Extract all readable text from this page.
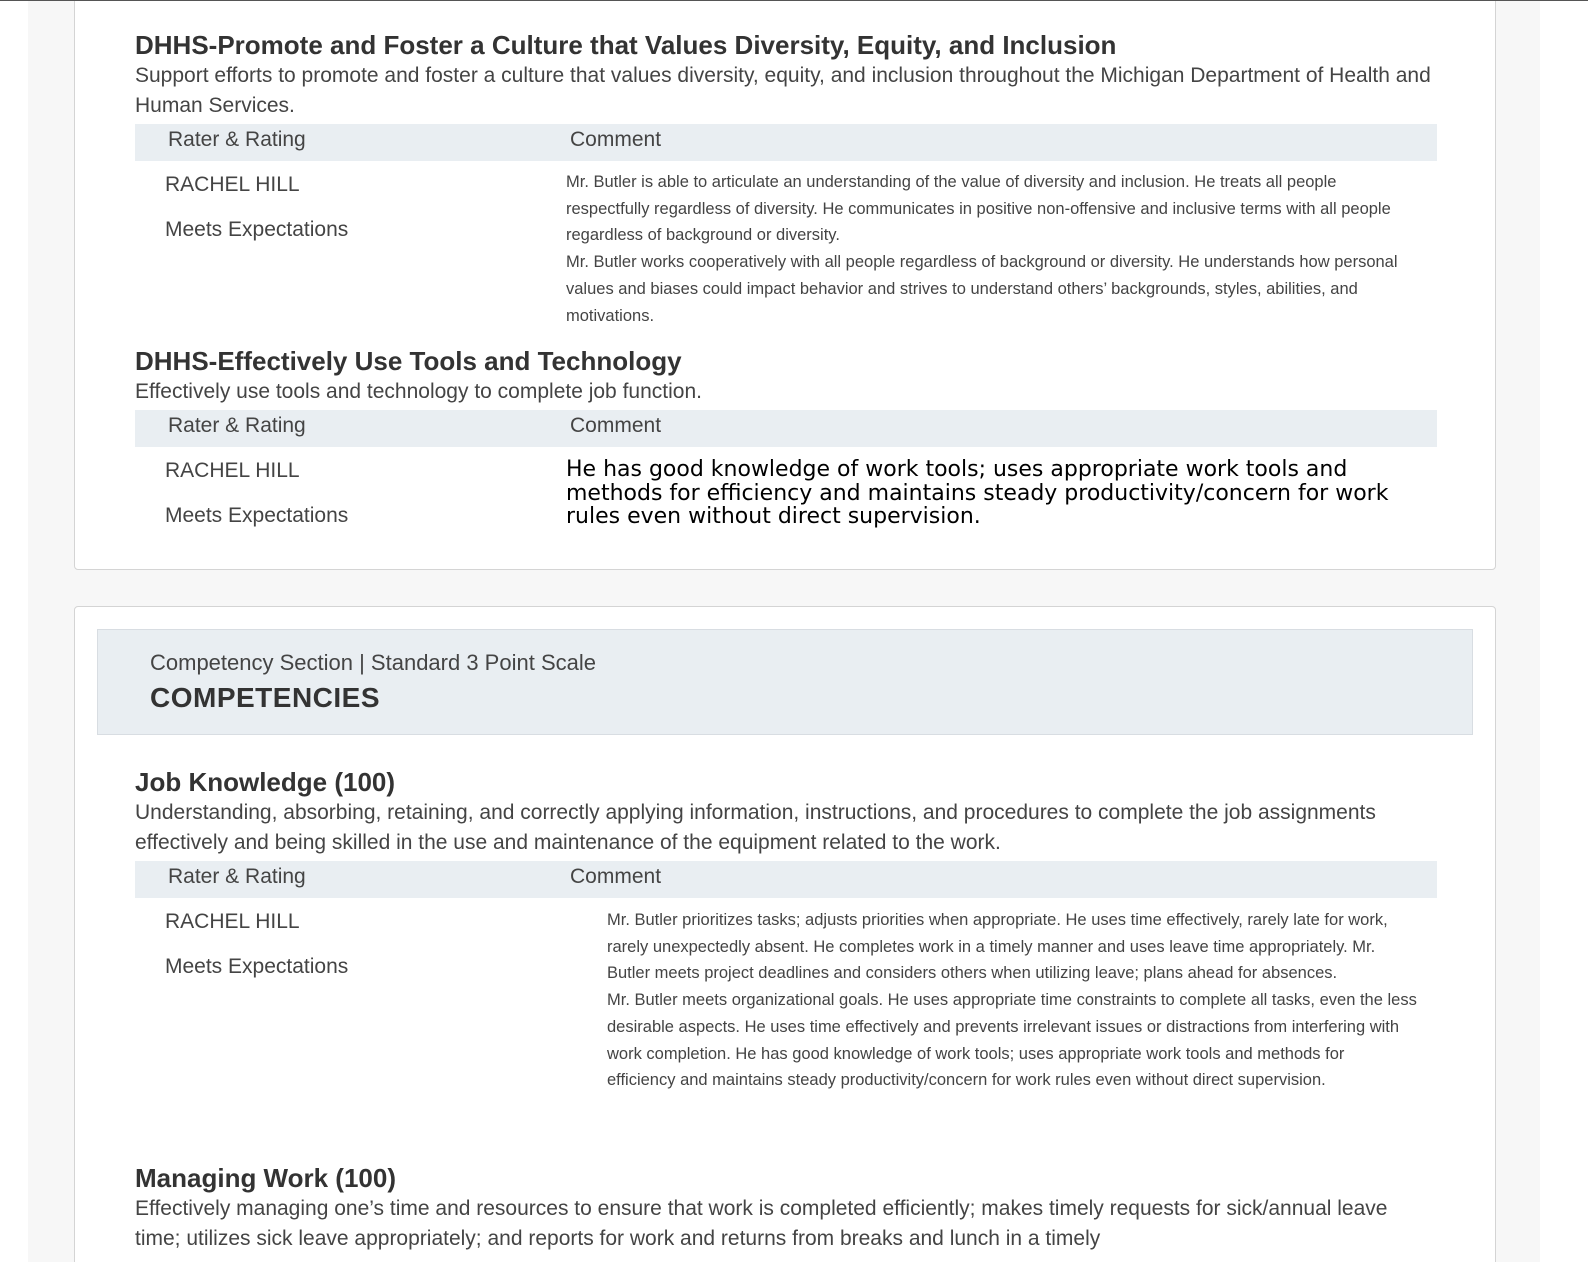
DHHS-Promote and Foster a Culture that Values Diversity, Equity, and Inclusion

Support efforts to promote and foster a culture that values diversity, equity, and inclusion throughout the Michigan Department of Health and Human Services.

Rater & Rating	Comment
RACHEL HILL
Meets Expectations
Mr. Butler is able to articulate an understanding of the value of diversity and inclusion. He treats all people respectfully regardless of diversity. He communicates in positive non-offensive and inclusive terms with all people regardless of background or diversity.
Mr. Butler works cooperatively with all people regardless of background or diversity. He understands how personal values and biases could impact behavior and strives to understand others’ backgrounds, styles, abilities, and motivations.
DHHS-Effectively Use Tools and Technology

Effectively use tools and technology to complete job function.

Rater & Rating	Comment
RACHEL HILL
Meets Expectations
He has good knowledge of work tools; uses appropriate work tools and methods for efficiency and maintains steady productivity/concern for work rules even without direct supervision.
Competency Section | Standard 3 Point Scale
COMPETENCIES
Job Knowledge (100)

Understanding, absorbing, retaining, and correctly applying information, instructions, and procedures to complete the job assignments effectively and being skilled in the use and maintenance of the equipment related to the work.

Rater & Rating	Comment
RACHEL HILL
Meets Expectations
Mr. Butler prioritizes tasks; adjusts priorities when appropriate. He uses time effectively, rarely late for work, rarely unexpectedly absent. He completes work in a timely manner and uses leave time appropriately. Mr. Butler meets project deadlines and considers others when utilizing leave; plans ahead for absences.
Mr. Butler meets organizational goals. He uses appropriate time constraints to complete all tasks, even the less desirable aspects. He uses time effectively and prevents irrelevant issues or distractions from interfering with work completion. He has good knowledge of work tools; uses appropriate work tools and methods for efficiency and maintains steady productivity/concern for work rules even without direct supervision.
Managing Work (100)

Effectively managing one’s time and resources to ensure that work is completed efficiently; makes timely requests for sick/annual leave time; utilizes sick leave appropriately; and reports for work and returns from breaks and lunch in a timely
